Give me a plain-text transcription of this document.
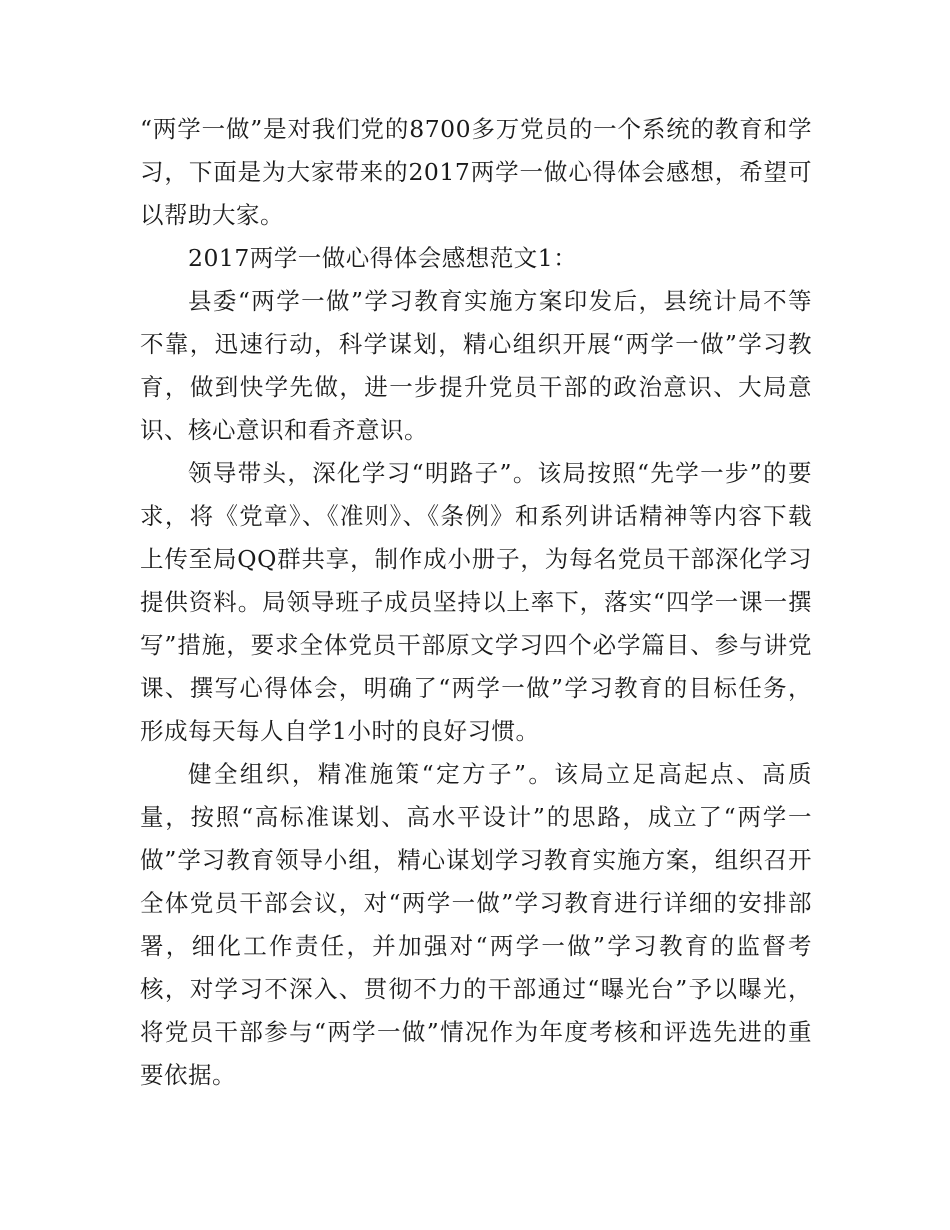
“两学一做”是对我们党的8700多万党员的一个系统的教育和学习，下面是为大家带来的2017两学一做心得体会感想，希望可以帮助大家。

2017两学一做心得体会感想范文1：

县委“两学一做”学习教育实施方案印发后，县统计局不等不靠，迅速行动，科学谋划，精心组织开展“两学一做”学习教育，做到快学先做，进一步提升党员干部的政治意识、大局意识、核心意识和看齐意识。

领导带头，深化学习“明路子”。该局按照“先学一步”的要求，将《党章》、《准则》、《条例》和系列讲话精神等内容下载上传至局QQ群共享，制作成小册子，为每名党员干部深化学习提供资料。局领导班子成员坚持以上率下，落实“四学一课一撰写”措施，要求全体党员干部原文学习四个必学篇目、参与讲党课、撰写心得体会，明确了“两学一做”学习教育的目标任务，形成每天每人自学1小时的良好习惯。

健全组织，精准施策“定方子”。该局立足高起点、高质量，按照“高标准谋划、高水平设计”的思路，成立了“两学一做”学习教育领导小组，精心谋划学习教育实施方案，组织召开全体党员干部会议，对“两学一做”学习教育进行详细的安排部署，细化工作责任，并加强对“两学一做”学习教育的监督考核，对学习不深入、贯彻不力的干部通过“曝光台”予以曝光，将党员干部参与“两学一做”情况作为年度考核和评选先进的重要依据。
